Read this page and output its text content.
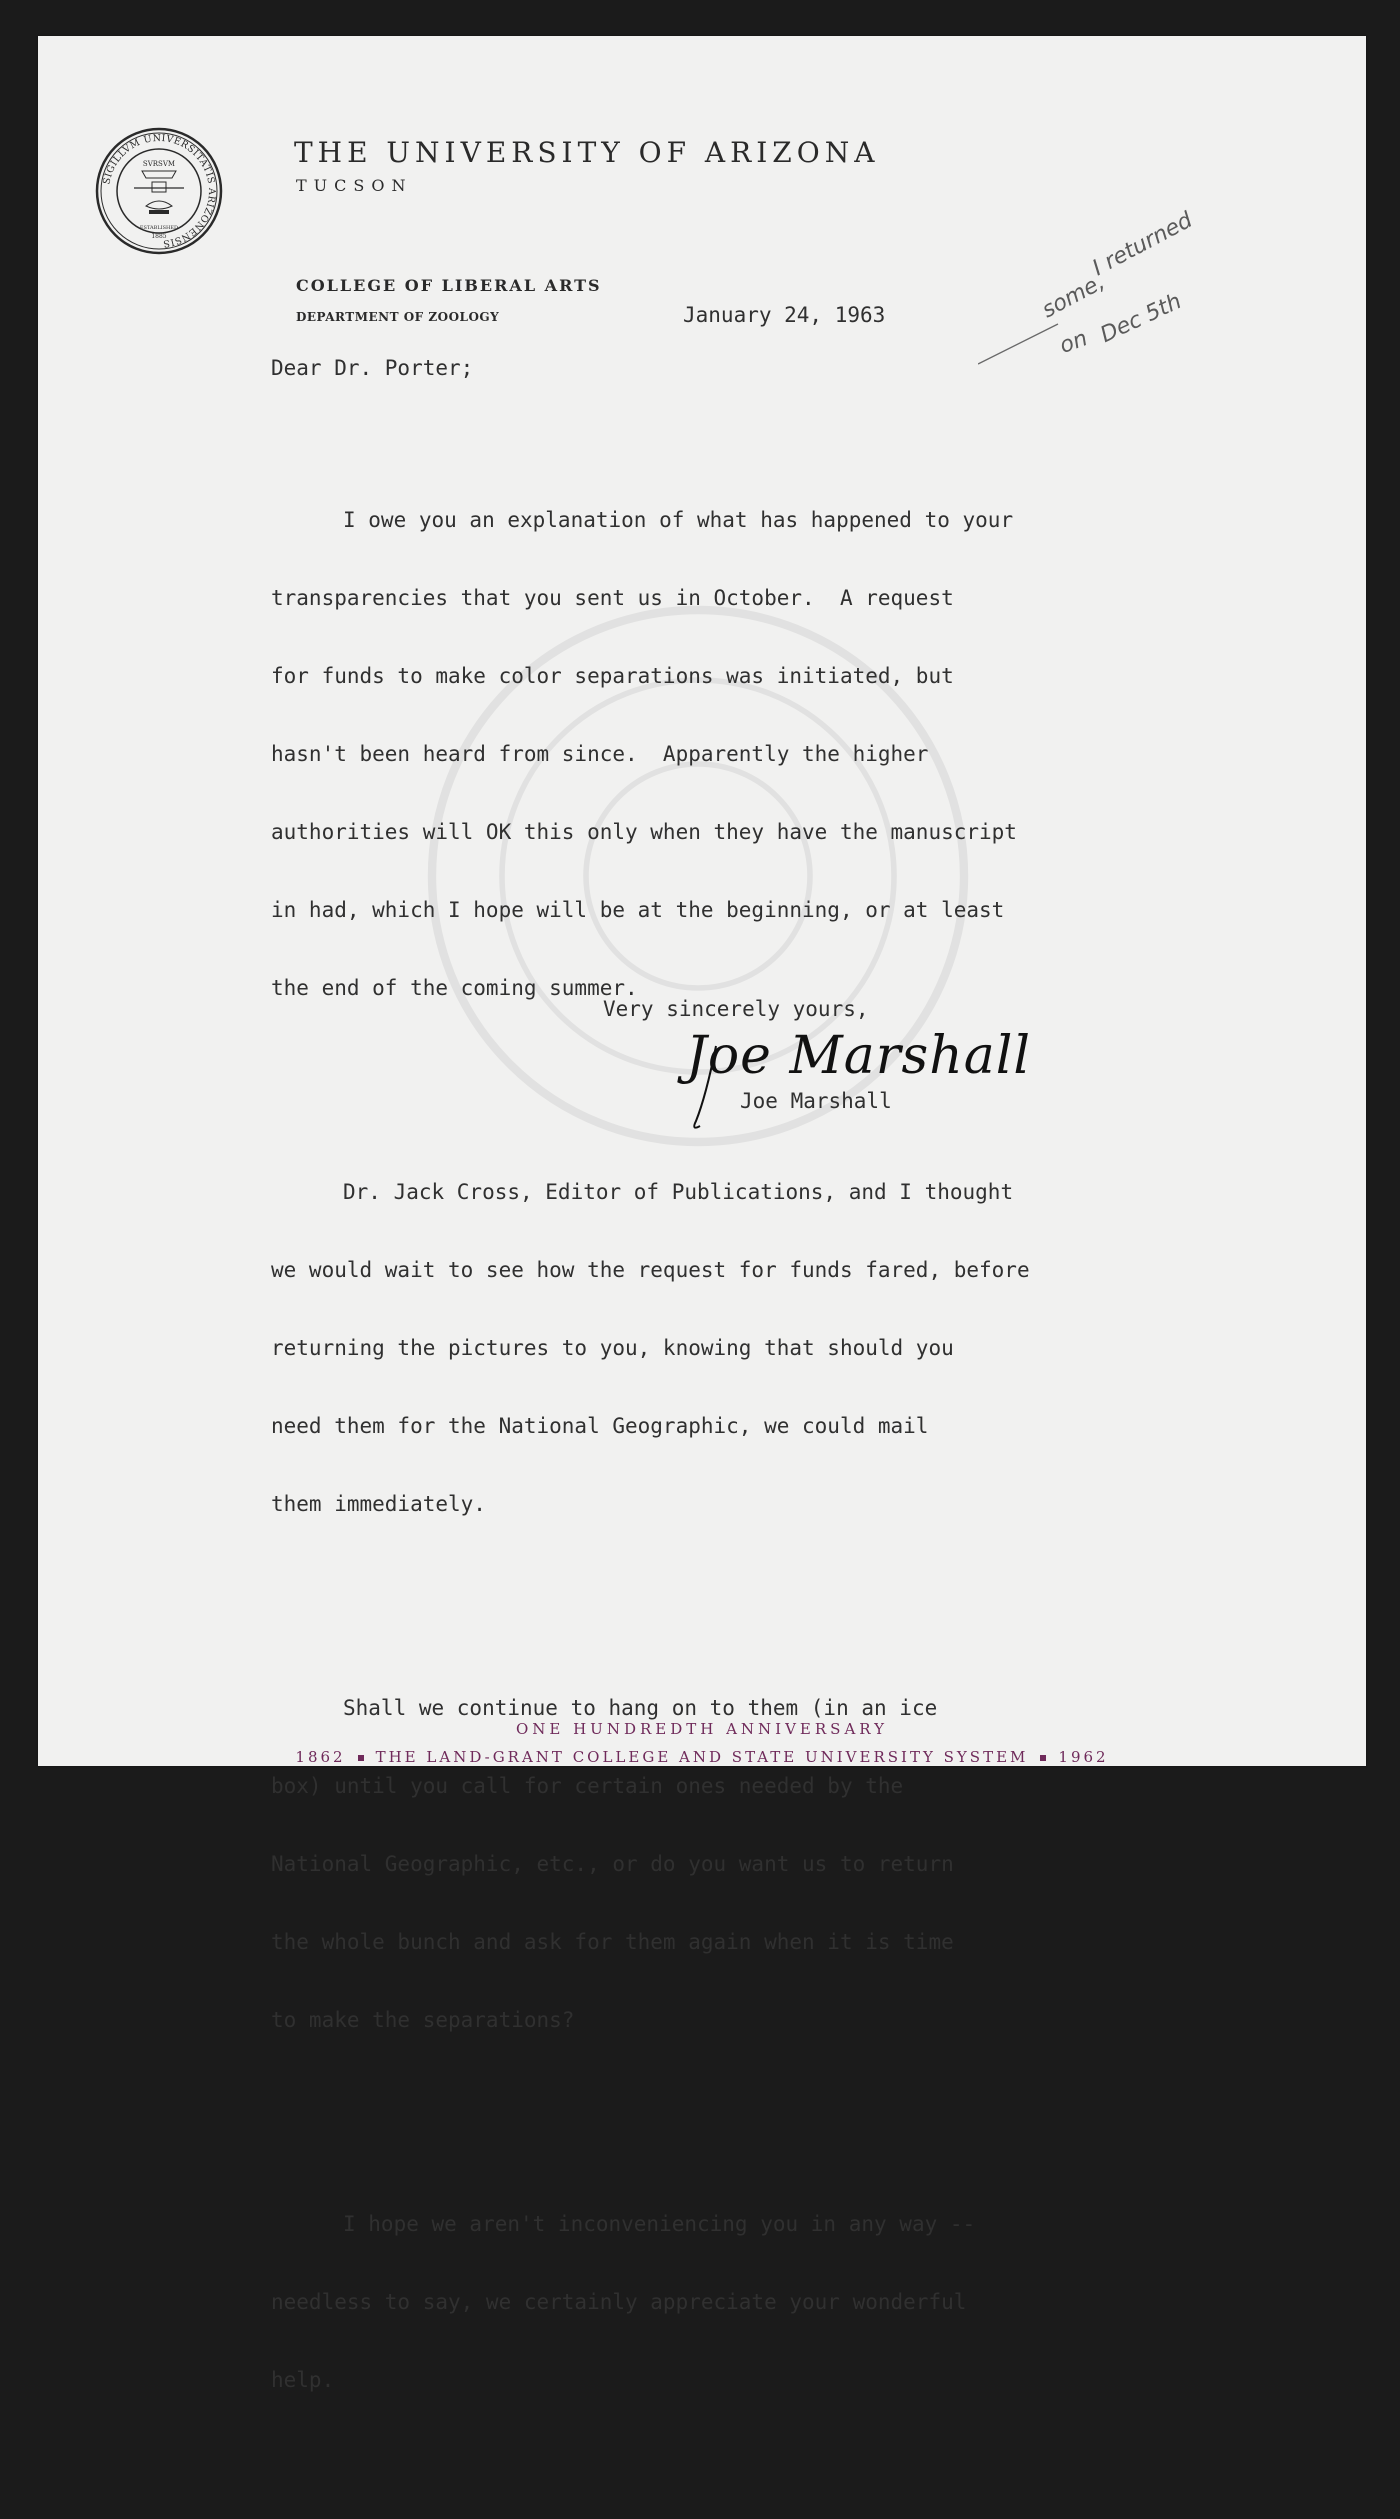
SIGILLVM UNIVERSITATIS ARIZONENSIS
SVRSVM
ESTABLISHED
1885
THE UNIVERSITY OF ARIZONA
TUCSON
COLLEGE OF LIBERAL ARTS
DEPARTMENT OF ZOOLOGY	January 24, 1963
Dear Dr. Porter;

I owe you an explanation of what has happened to your

transparencies that you sent us in October.  A request

for funds to make color separations was initiated, but

hasn't been heard from since.  Apparently the higher

authorities will OK this only when they have the manuscript

in had, which I hope will be at the beginning, or at least

the end of the coming summer.

Dr. Jack Cross, Editor of Publications, and I thought

we would wait to see how the request for funds fared, before

returning the pictures to you, knowing that should you

need them for the National Geographic, we could mail

them immediately.

Shall we continue to hang on to them (in an ice

box) until you call for certain ones needed by the

National Geographic, etc., or do you want us to return

the whole bunch and ask for them again when it is time

to make the separations?

I hope we aren't inconveniencing you in any way --

needless to say, we certainly appreciate your wonderful

help.

Very sincerely yours,
Joe Marshall
Joe Marshall
I returned
some,
Dec 5th
on
ONE HUNDREDTH ANNIVERSARY
1862 THE LAND-GRANT COLLEGE AND STATE UNIVERSITY SYSTEM 1962
